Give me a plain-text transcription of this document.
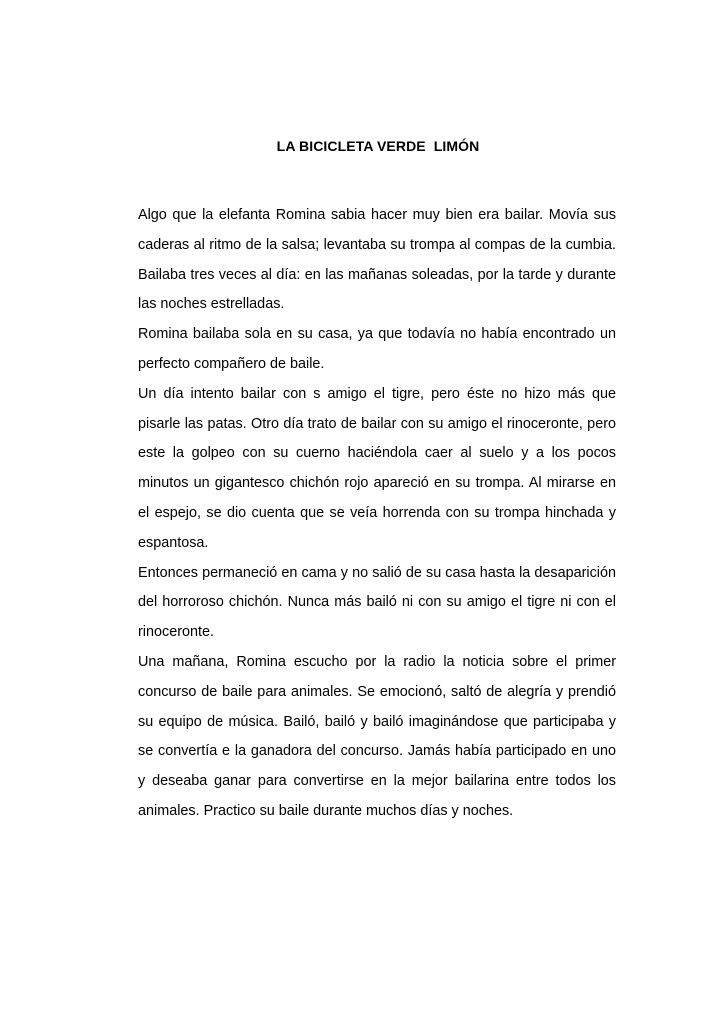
LA BICICLETA VERDE  LIMÓN

Algo que la elefanta Romina sabia hacer muy bien era bailar. Movía sus caderas al ritmo de la salsa; levantaba su trompa al compas de la cumbia. Bailaba tres veces al día: en las mañanas soleadas, por la tarde y durante las noches estrelladas.

Romina bailaba sola en su casa, ya que todavía no había encontrado un perfecto compañero de baile.

Un día intento bailar con s amigo el tigre, pero éste no hizo más que pisarle las patas. Otro día trato de bailar con su amigo el rinoceronte, pero este la golpeo con su cuerno haciéndola caer al suelo y a los pocos minutos un gigantesco chichón rojo apareció en su trompa. Al mirarse en el espejo, se dio cuenta que se veía horrenda con su trompa hinchada y espantosa.

Entonces permaneció en cama y no salió de su casa hasta la desaparición del horroroso chichón. Nunca más bailó ni con su amigo el tigre ni con el rinoceronte.

Una mañana, Romina escucho por la radio la noticia sobre el primer concurso de baile para animales. Se emocionó, saltó de alegría y prendió su equipo de música. Bailó, bailó y bailó imaginándose que participaba y se convertía e la ganadora del concurso. Jamás había participado en uno y deseaba ganar para convertirse en la mejor bailarina entre todos los animales. Practico su baile durante muchos días y noches.
